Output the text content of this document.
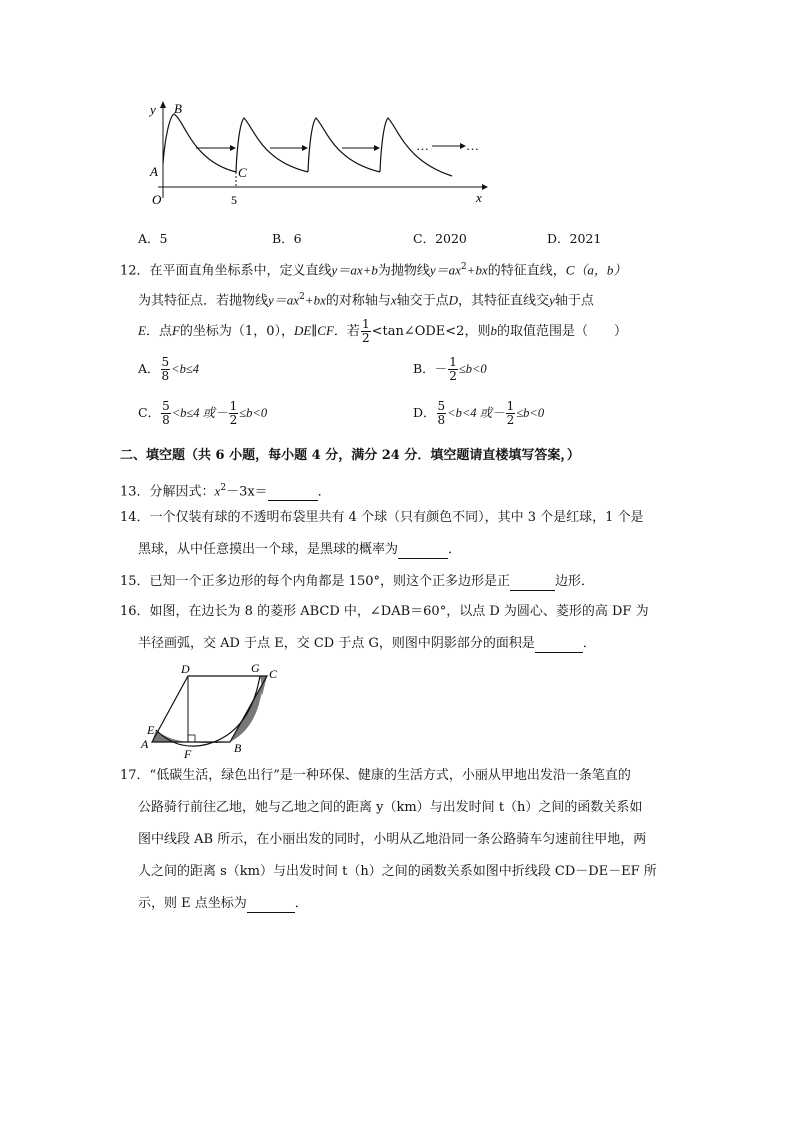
y B
A	C
O	5	x
…	…
A．5	B．6	C．2020	D．2021
12．在平面直角坐标系中，定义直线y＝ax+b为抛物线$y=ax^2+bx$的特征直线，C（a，b）
为其特征点．若抛物线$y=ax^2+bx$的对称轴与x轴交于点D，其特征直线交y轴于点
E．点F的坐标为（1，0），DE∥CF．若 $\frac{1}{2}$ <tan∠ODE<2，则b的取值范围是（　　）
A． $\frac{5}{8} <b\le 4$	B．－ $\frac{1}{2} \le b<0$
C． $\frac{5}{8} <b\le 4$ 或－ $\frac{1}{2} \le b<0$	D． $\frac{5}{8} <b<4$ 或－ $\frac{1}{2} \le b<0$
二、填空题（共 6 小题，每小题 4 分，满分 24 分．填空题请直楼填写答案，）
13．分解因式：$x^2-3x=$	．
14．一个仅装有球的不透明布袋里共有 4 个球（只有颜色不同），其中 3 个是红球，1 个是
黑球，从中任意摸出一个球，是黑球的概率为	．
15．已知一个正多边形的每个内角都是 150°，则这个正多边形是正	边形．
16．如图，在边长为 8 的菱形 ABCD 中，∠DAB＝60°，以点 D 为圆心、菱形的高 DF 为
半径画弧，交 AD 于点 E，交 CD 于点 G，则图中阴影部分的面积是	．
D	G C
E
A
F	B
17．“低碳生活，绿色出行”是一种环保、健康的生活方式，小丽从甲地出发沿一条笔直的
公路骑行前往乙地，她与乙地之间的距离 y（km）与出发时间 t（h）之间的函数关系如
图中线段 AB 所示，在小丽出发的同时，小明从乙地沿同一条公路骑车匀速前往甲地，两
人之间的距离 s（km）与出发时间 t（h）之间的函数关系如图中折线段 CD－DE－EF 所
示，则 E 点坐标为	．
